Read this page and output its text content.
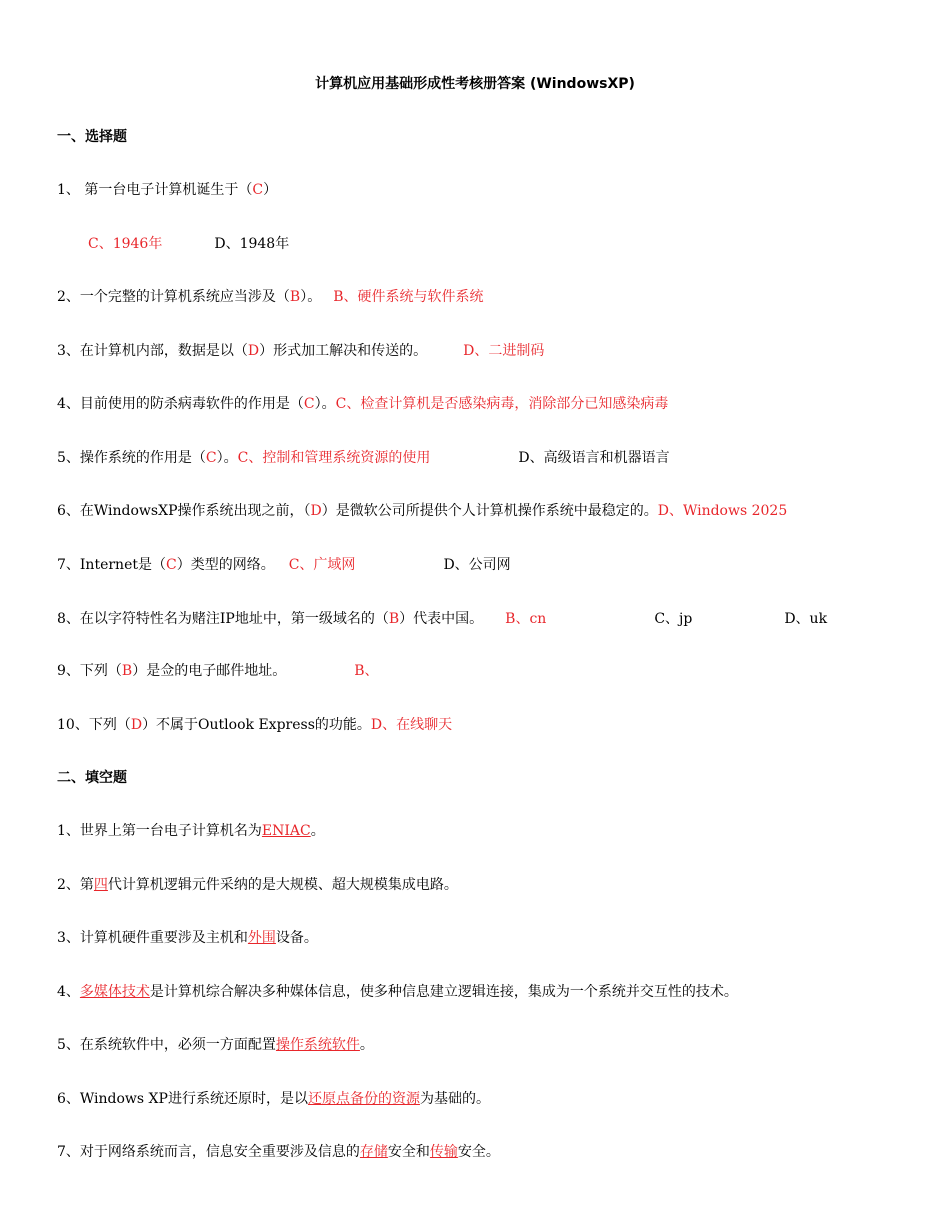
计算机应用基础形成性考核册答案 (WindowsXP)
一、选择题
1、 第一台电子计算机诞生于（C）
C、1946年	D、1948年
2、一个完整的计算机系统应当涉及（B）。 B、硬件系统与软件系统
3、在计算机内部，数据是以（D）形式加工解决和传送的。	D、二进制码
4、目前使用的防杀病毒软件的作用是（C）。C、检查计算机是否感染病毒，消除部分已知感染病毒
5、操作系统的作用是（C）。C、控制和管理系统资源的使用	D、高级语言和机器语言
6、在WindowsXP操作系统出现之前，（D）是微软公司所提供个人计算机操作系统中最稳定的。D、Windows 2025
7、Internet是（C）类型的网络。 C、广域网	D、公司网
8、在以字符特性名为赌注IP地址中，第一级域名的（B）代表中国。 B、cn	C、jp	D、uk
9、下列（B）是佥的电子邮件地址。	B、
10、下列（D）不属于Outlook Express的功能。D、在线聊天
二、填空题
1、世界上第一台电子计算机名为ENIAC。
2、第四代计算机逻辑元件采纳的是大规模、超大规模集成电路。
3、计算机硬件重要涉及主机和外围设备。
4、多媒体技术是计算机综合解决多种媒体信息，使多种信息建立逻辑连接，集成为一个系统并交互性的技术。
5、在系统软件中，必须一方面配置操作系统软件。
6、Windows XP进行系统还原时，是以还原点备份的资源为基础的。
7、对于网络系统而言，信息安全重要涉及信息的存储安全和传输安全。
